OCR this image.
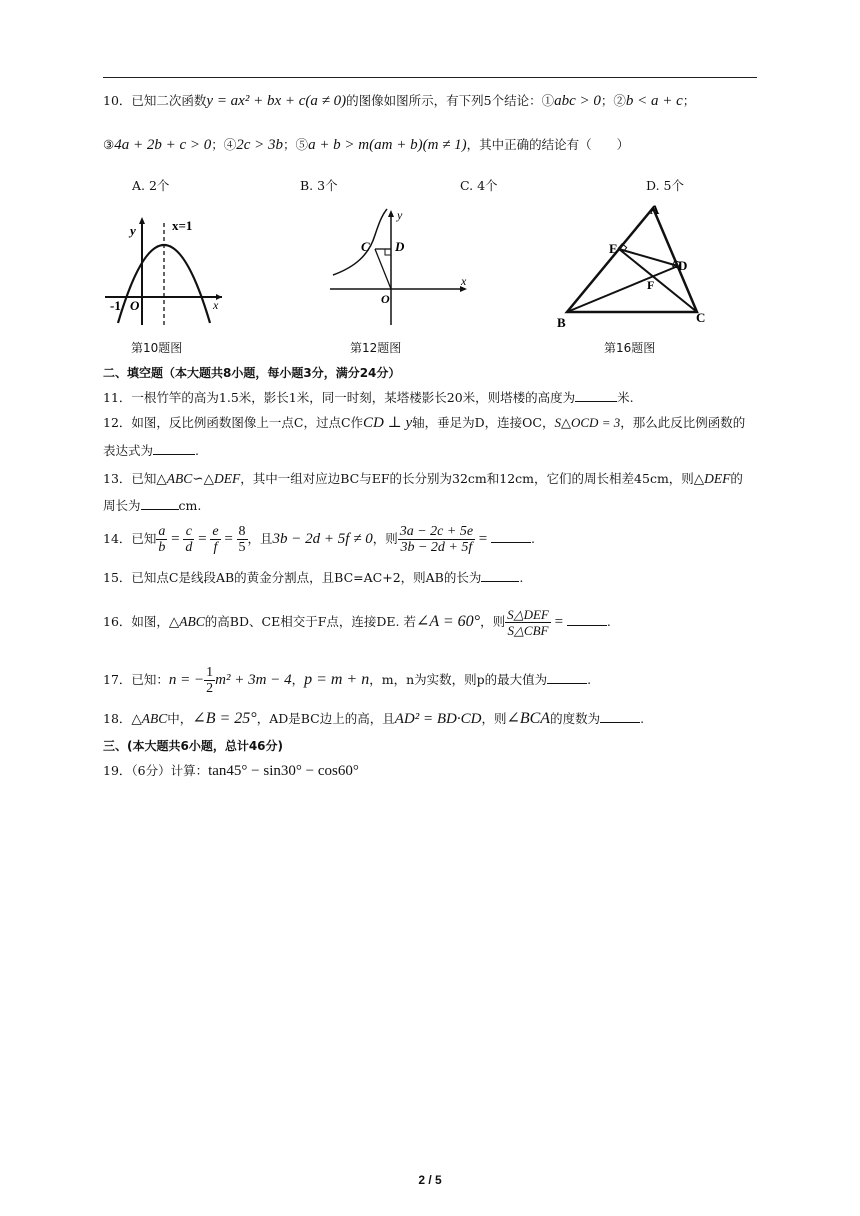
10．已知二次函数y = ax² + bx + c(a ≠ 0)的图像如图所示，有下列5个结论：①abc > 0；②b < a + c；
③4a + 2b + c > 0；④2c > 3b；⑤a + b > m(am + b)(m ≠ 1)，其中正确的结论有（　　）
A. 2个	B. 3个	C. 4个	D. 5个
x=1
y
x
O
-1
第10题图
C D
y
x
O
第12题图
A
B	C
D
E
F
第16题图
二、填空题（本大题共8小题，每小题3分，满分24分）
11．一根竹竿的高为1.5米，影长1米，同一时刻，某塔楼影长20米，则塔楼的高度为	米.
12．如图，反比例函数图像上一点C，过点C作CD ⊥ y轴，垂足为D，连接OC，S△OCD = 3，那么此反比例函数的
表达式为	.
13．已知△ABC∽△DEF，其中一组对应边BC与EF的长分别为32cm和12cm，它们的周长相差45cm，则△DEF的
周长为	cm.
14．已知 $\frac{a}{b} = \frac{c}{d} = \frac{e}{f} = \frac{8}{5}$ ，且3b − 2d + 5f ≠ 0，则 $\frac{3a - 2c + 5e}{3b - 2d + 5f}$ =	.
15．已知点C是线段AB的黄金分割点，且BC=AC+2，则AB的长为	.
16．如图，△ABC的高BD、CE相交于F点，连接DE. 若∠A = 60°，则 $\frac{\text{S△DEF}}{\text{S△CBF}}$ =	.
17．已知：n = − $\frac{1}{2} m^2 + 3m - 4$，p = m + n，m，n为实数，则p的最大值为	.
18．△ABC中，∠B = 25°，AD是BC边上的高，且AD² = BD·CD，则∠BCA的度数为	.
三、(本大题共6小题，总计46分)
19．（6分）计算：tan45° − sin30° − cos60°
2 / 5
